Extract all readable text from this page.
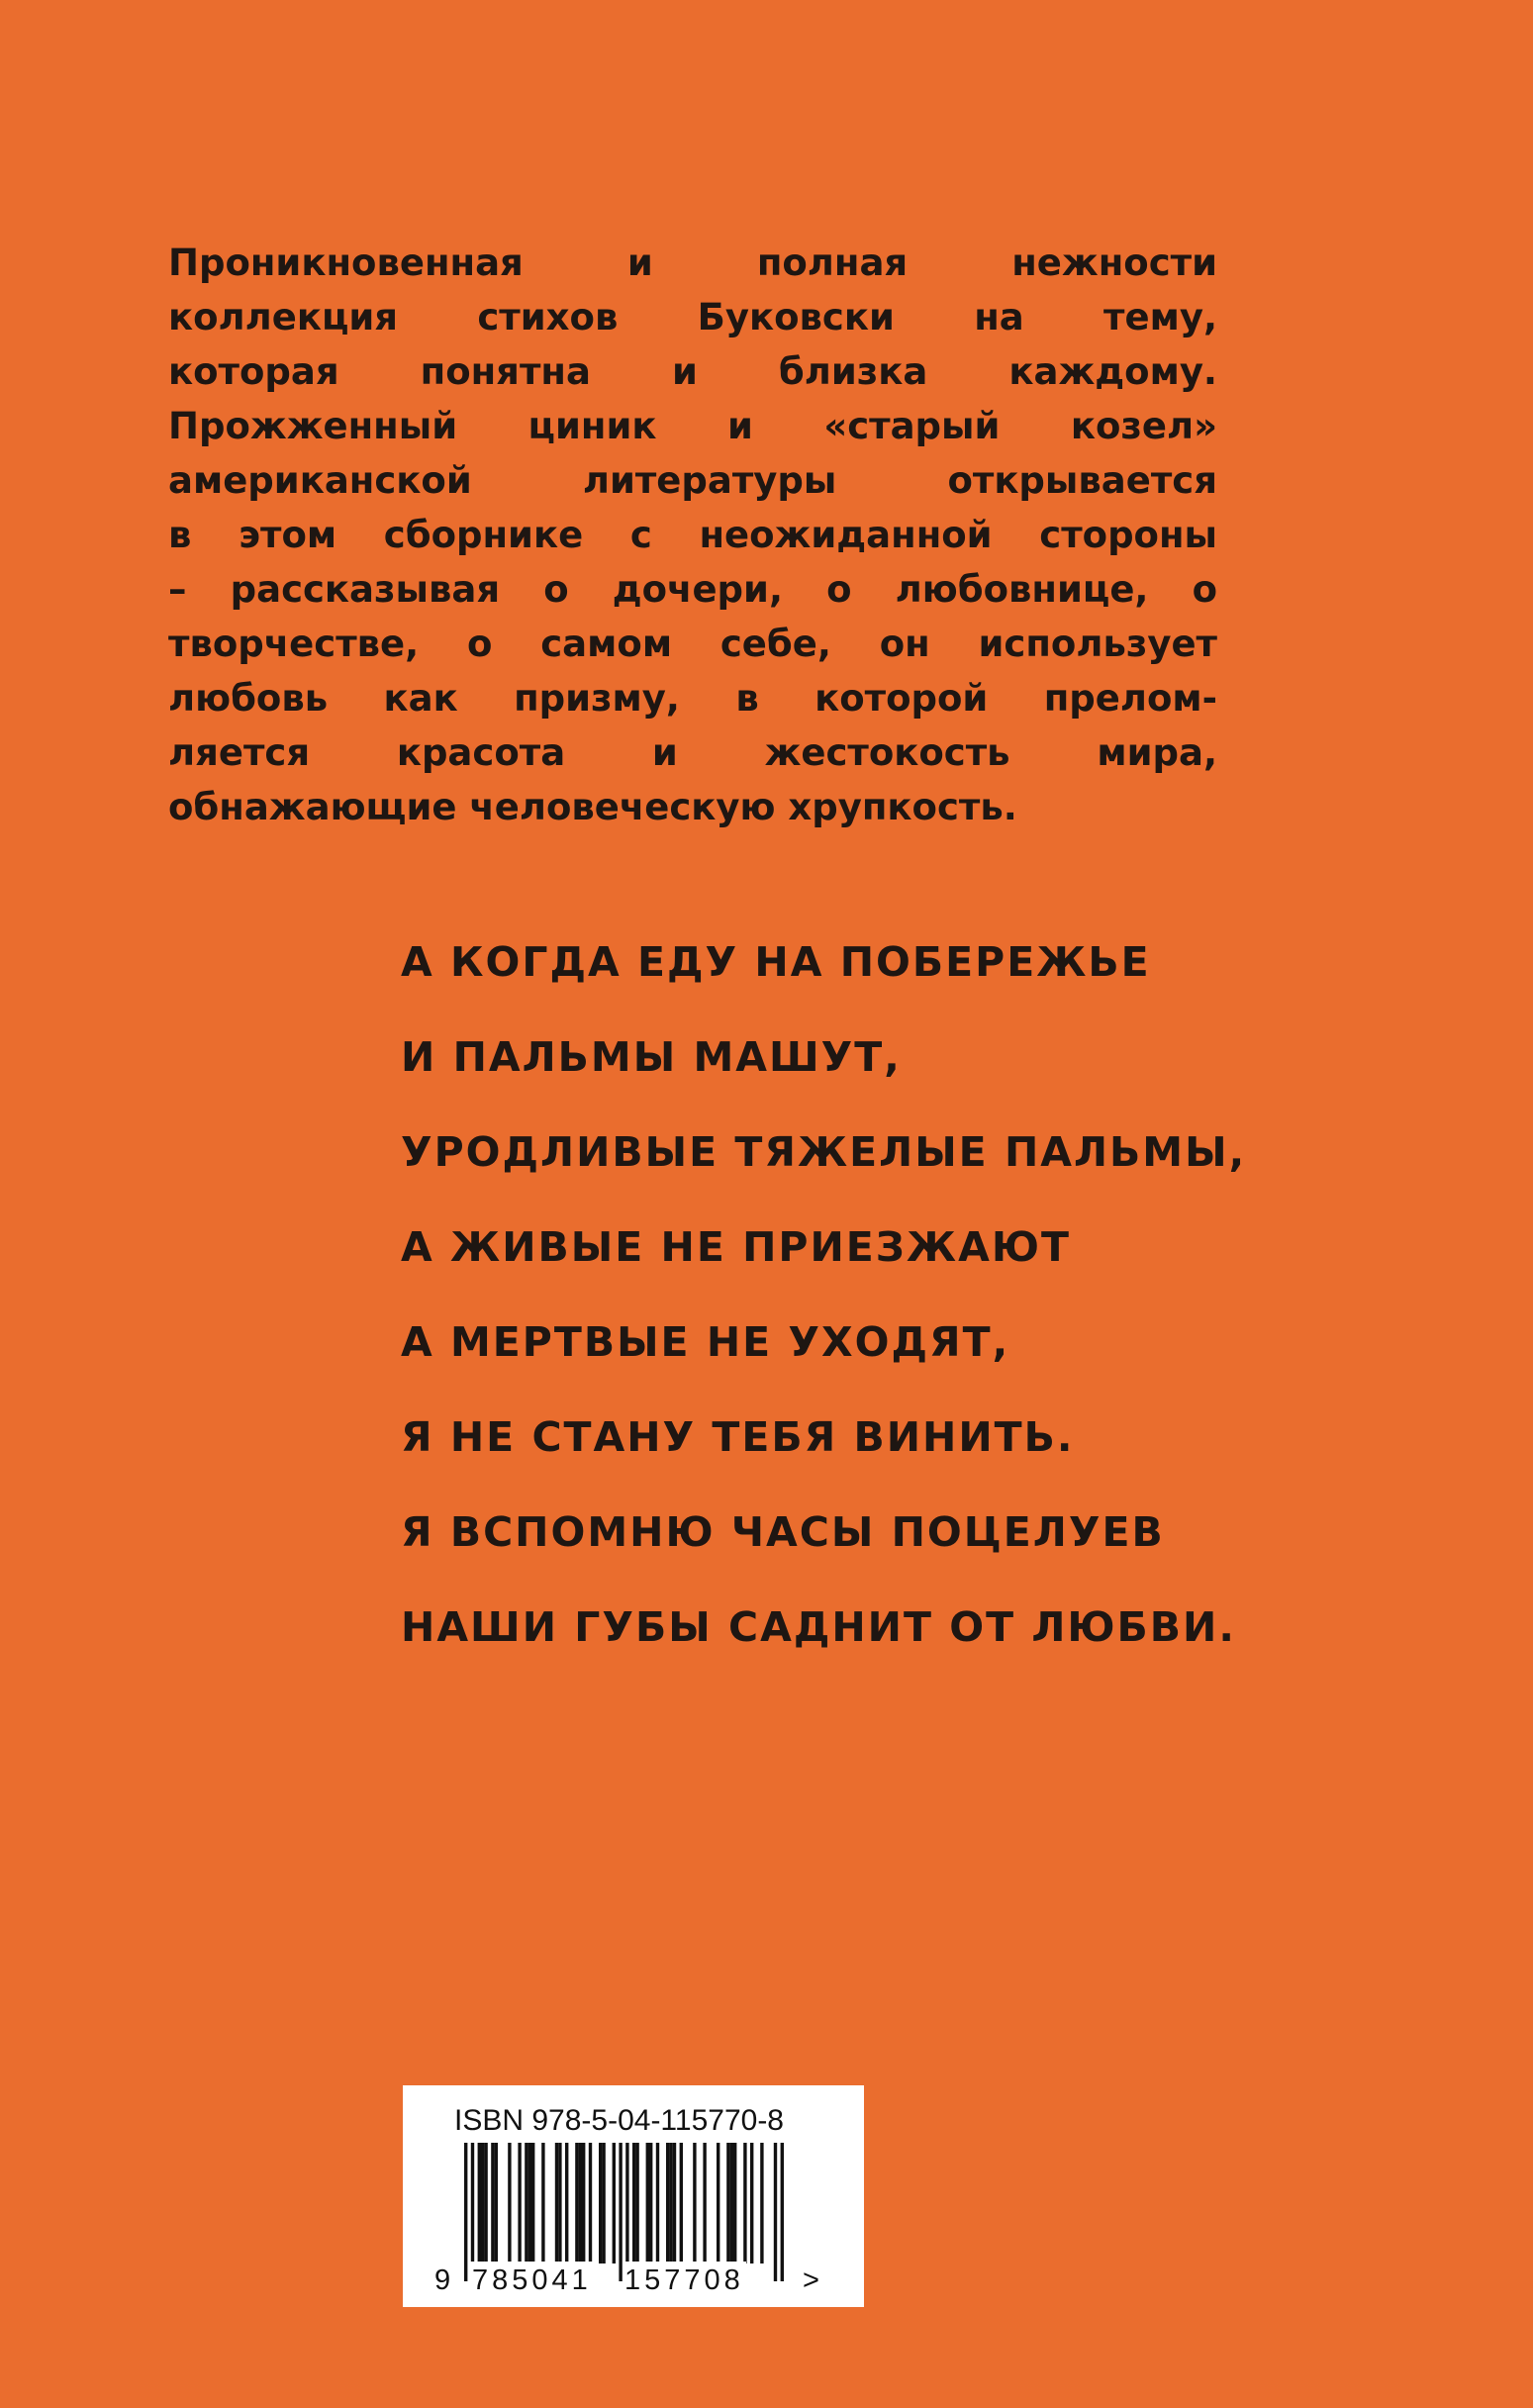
Проникновенная и полная нежности
коллекция стихов Буковски на тему,
которая понятна и близка каждому.
Прожженный циник и «старый козел»
американской литературы открывается
в этом сборнике с неожиданной стороны
– рассказывая о дочери, о любовнице, о
творчестве, о самом себе, он использует
любовь как призму, в которой прелом-
ляется красота и жестокость мира,
обнажающие человеческую хрупкость.
А КОГДА ЕДУ НА ПОБЕРЕЖЬЕ
И ПАЛЬМЫ МАШУТ,
УРОДЛИВЫЕ ТЯЖЕЛЫЕ ПАЛЬМЫ,
А ЖИВЫЕ НЕ ПРИЕЗЖАЮТ
А МЕРТВЫЕ НЕ УХОДЯТ,
Я НЕ СТАНУ ТЕБЯ ВИНИТЬ.
Я ВСПОМНЮ ЧАСЫ ПОЦЕЛУЕВ
НАШИ ГУБЫ САДНИТ ОТ ЛЮБВИ.
ISBN 978-5-04-115770-8
9 785041 157708 >
